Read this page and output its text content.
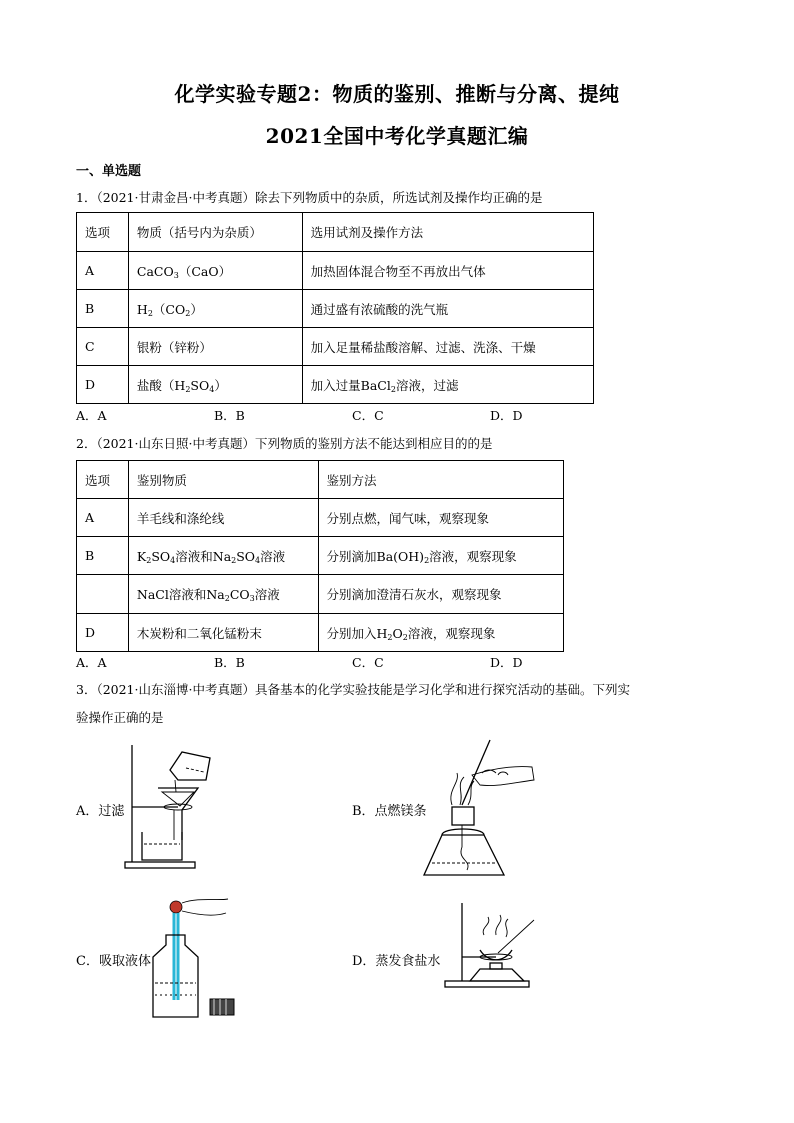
化学实验专题2：物质的鉴别、推断与分离、提纯
2021全国中考化学真题汇编
一、单选题
1．（2021·甘肃金昌·中考真题）除去下列物质中的杂质，所选试剂及操作均正确的是
选项	物质（括号内为杂质）	选用试剂及操作方法
A	CaCO$_3$（CaO）	加热固体混合物至不再放出气体
B	$H_2(CO_2)$	通过盛有浓硫酸的洗气瓶
C	银粉（锌粉）	加入足量稀盐酸溶解、过滤、洗涤、干燥
D	盐酸$(H_2SO_4)$	加入过量BaCl$_2$溶液，过滤
A．A	B．B	C．C	D．D
2．（2021·山东日照·中考真题）下列物质的鉴别方法不能达到相应目的的是
选项	鉴别物质	鉴别方法
A	羊毛线和涤纶线	分别点燃，闻气味，观察现象
B	$K_2SO_4$溶液和$Na_2SO_4$溶液	分别滴加$Ba(OH)_2$溶液，观察现象
	NaCl溶液和$Na_2CO_3$溶液	分别滴加澄清石灰水，观察现象
D	木炭粉和二氧化锰粉末	分别加入$H_2O_2$溶液，观察现象
A．A	B．B	C．C	D．D
3．（2021·山东淄博·中考真题）具备基本的化学实验技能是学习化学和进行探究活动的基础。下列实
验操作正确的是
A．过滤	B．点燃镁条
C．吸取液体	D．蒸发食盐水
